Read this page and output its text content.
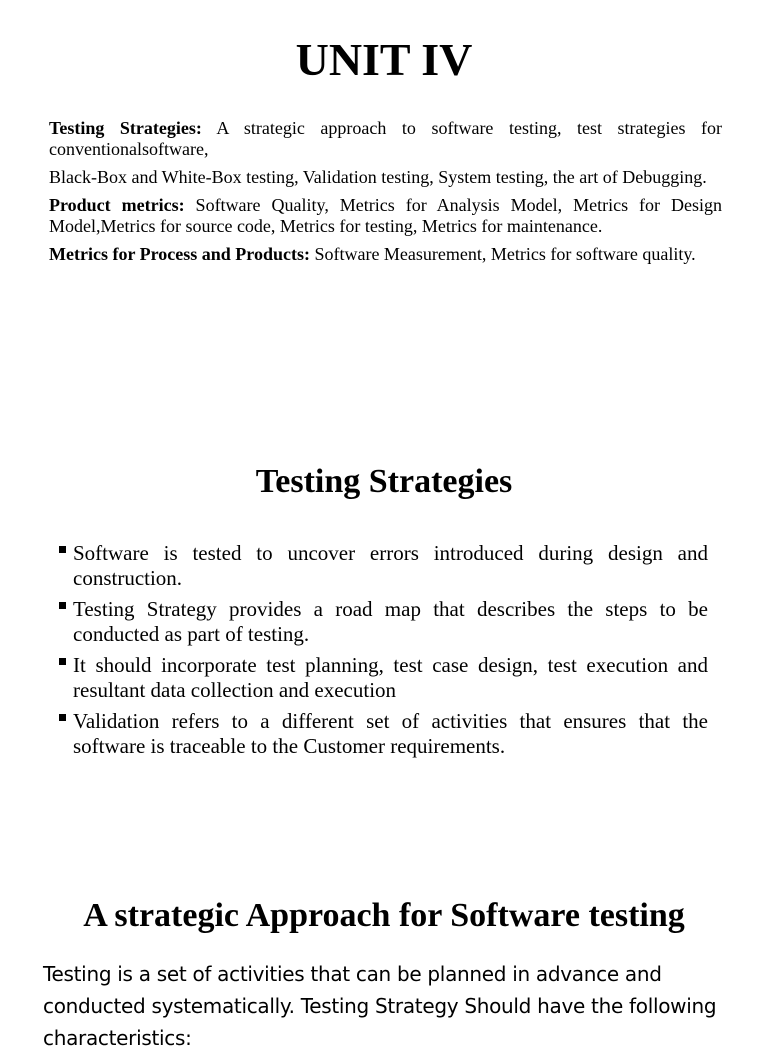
UNIT IV

Testing Strategies: A strategic approach to software testing, test strategies for conventionalsoftware,

Black-Box and White-Box testing, Validation testing, System testing, the art of Debugging.

Product metrics: Software Quality, Metrics for Analysis Model, Metrics for Design Model,Metrics for source code, Metrics for testing, Metrics for maintenance.

Metrics for Process and Products: Software Measurement, Metrics for software quality.

Testing Strategies
Software is tested to uncover errors introduced during design and construction.
Testing Strategy provides a road map that describes the steps to be conducted as part of testing.
It should incorporate test planning, test case design, test execution and resultant data collection and execution
Validation refers to a different set of activities that ensures that the software is traceable to the Customer requirements.
A strategic Approach for Software testing

Testing is a set of activities that can be planned in advance and conducted systematically. Testing Strategy Should have the following characteristics:
